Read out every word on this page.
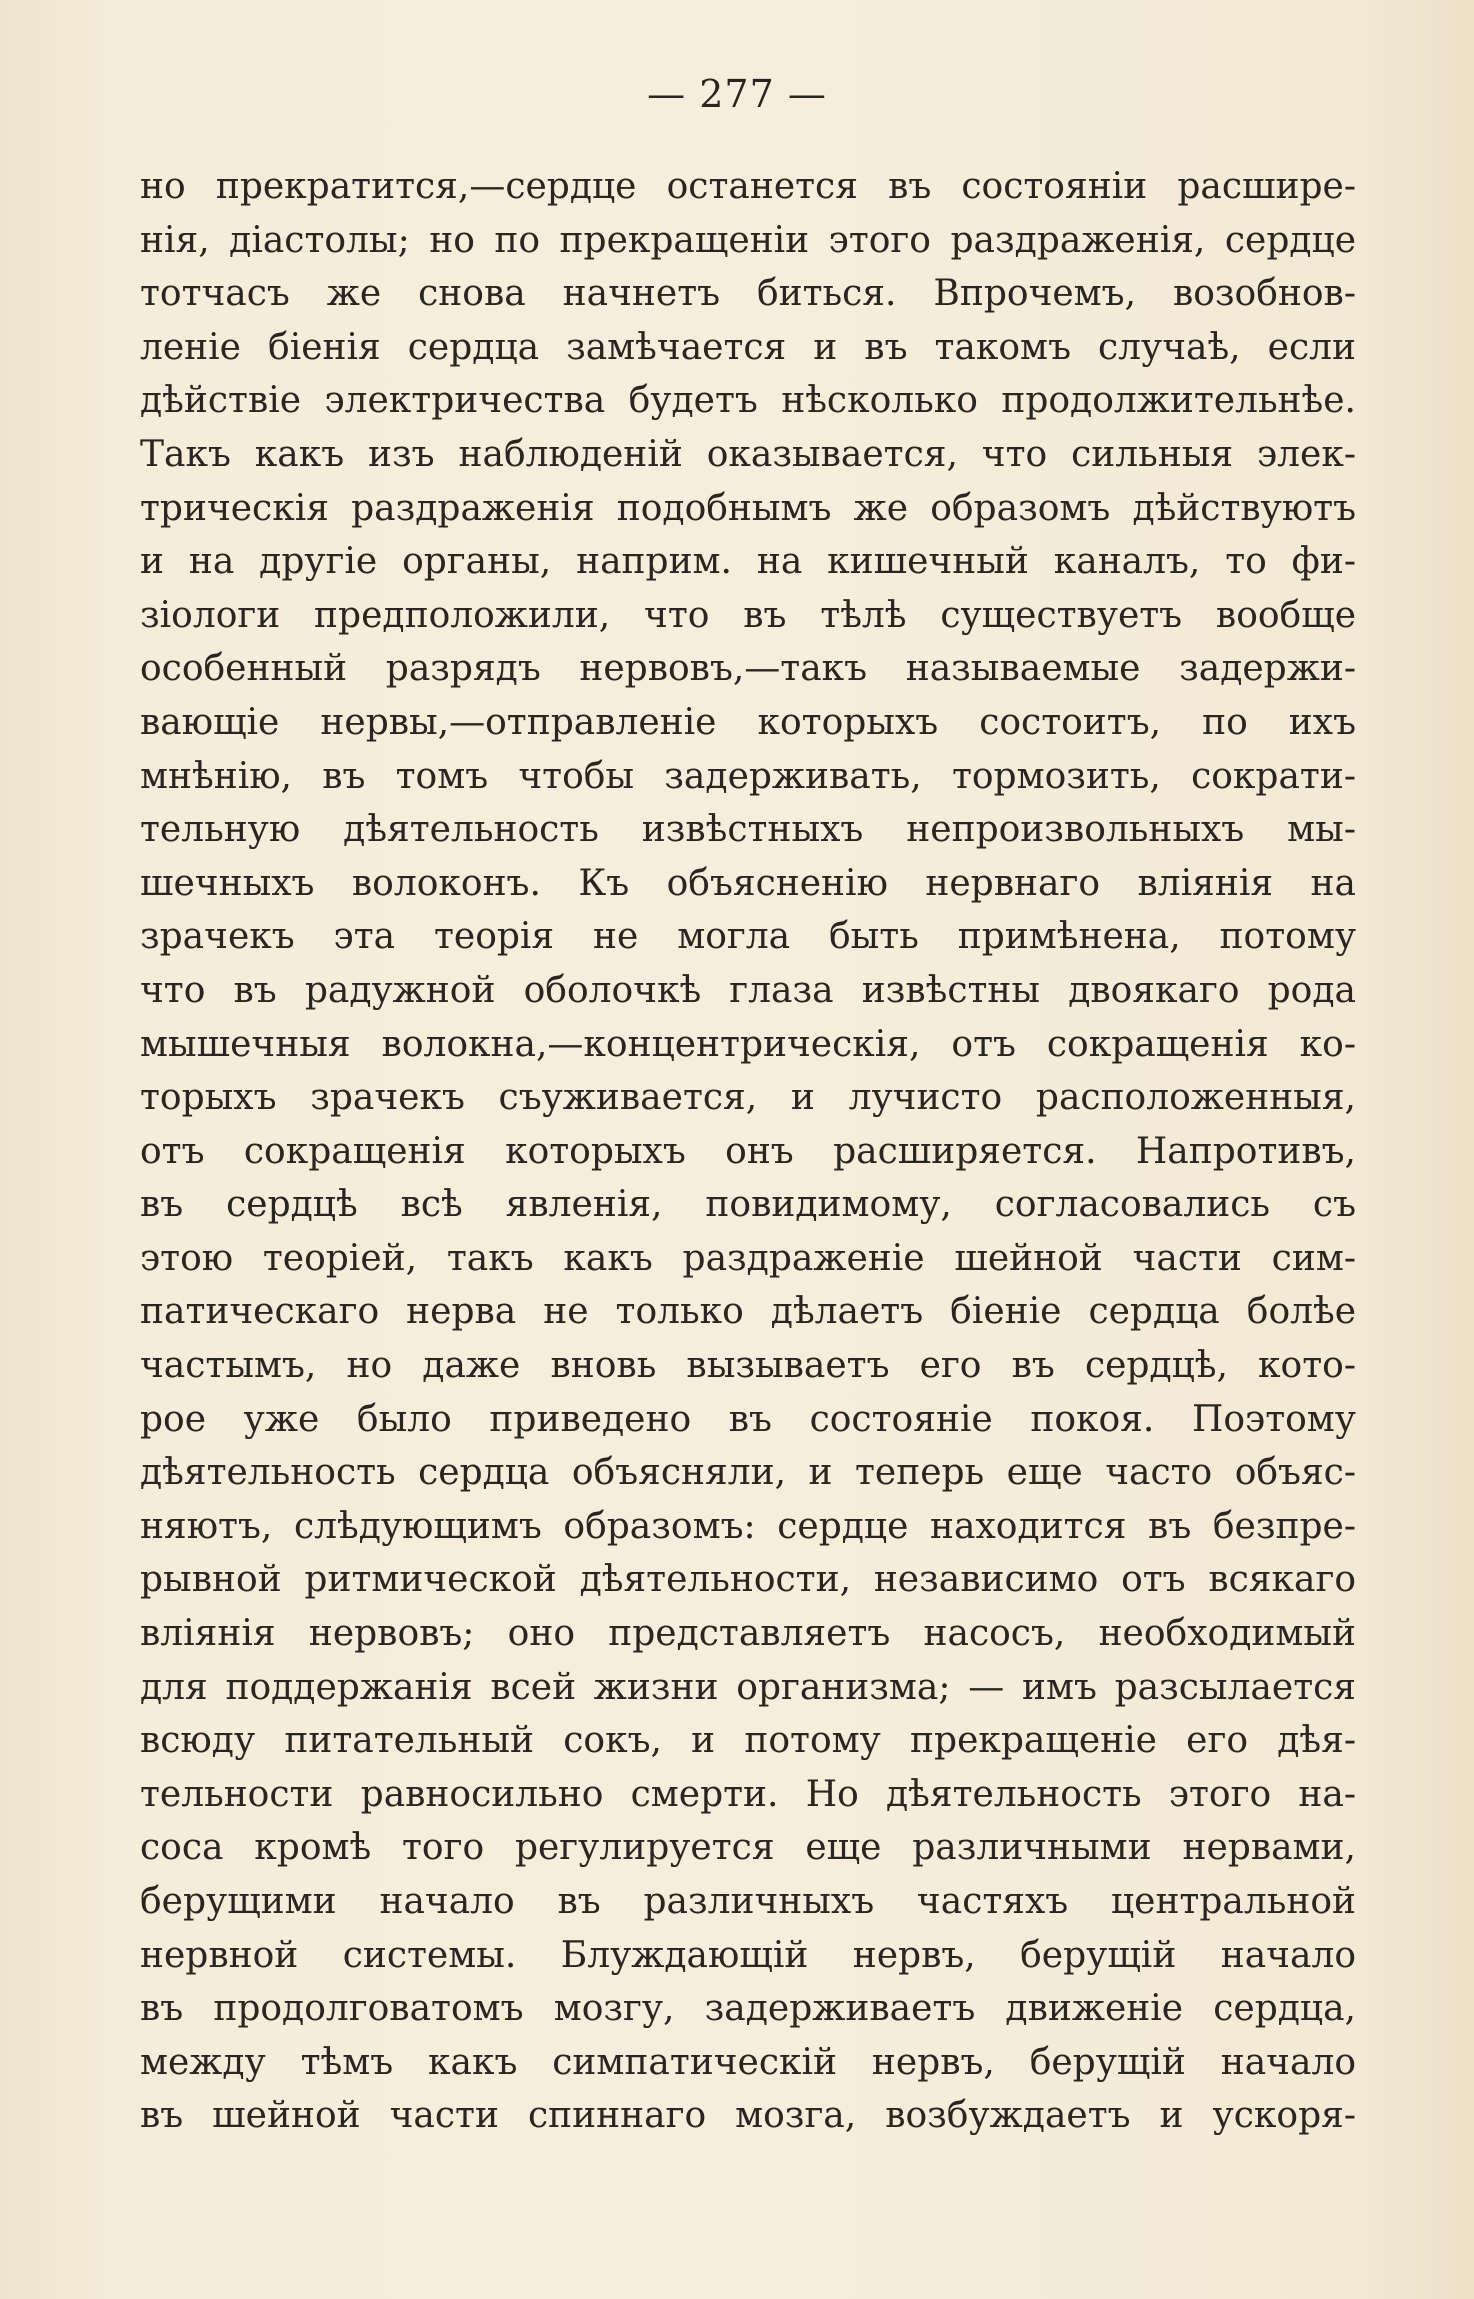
— 277 —
но прекратится,—сердце останется въ состояніи расшире-
нія, діастолы; но по прекращеніи этого раздраженія, сердце
тотчасъ же снова начнетъ биться. Впрочемъ, возобнов-
леніе біенія сердца замѣчается и въ такомъ случаѣ, если
дѣйствіе электричества будетъ нѣсколько продолжительнѣе.
Такъ какъ изъ наблюденій оказывается, что сильныя элек-
трическія раздраженія подобнымъ же образомъ дѣйствуютъ
и на другіе органы, наприм. на кишечный каналъ, то фи-
зіологи предположили, что въ тѣлѣ существуетъ вообще
особенный разрядъ нервовъ,—такъ называемые задержи-
вающіе нервы,—отправленіе которыхъ состоитъ, по ихъ
мнѣнію, въ томъ чтобы задерживать, тормозить, сократи-
тельную дѣятельность извѣстныхъ непроизвольныхъ мы-
шечныхъ волоконъ. Къ объясненію нервнаго вліянія на
зрачекъ эта теорія не могла быть примѣнена, потому
что въ радужной оболочкѣ глаза извѣстны двоякаго рода
мышечныя волокна,—концентрическія, отъ сокращенія ко-
торыхъ зрачекъ съуживается, и лучисто расположенныя,
отъ сокращенія которыхъ онъ расширяется. Напротивъ,
въ сердцѣ всѣ явленія, повидимому, согласовались съ
этою теоріей, такъ какъ раздраженіе шейной части сим-
патическаго нерва не только дѣлаетъ біеніе сердца болѣе
частымъ, но даже вновь вызываетъ его въ сердцѣ, кото-
рое уже было приведено въ состояніе покоя. Поэтому
дѣятельность сердца объясняли, и теперь еще часто объяс-
няютъ, слѣдующимъ образомъ: сердце находится въ безпре-
рывной ритмической дѣятельности, независимо отъ всякаго
вліянія нервовъ; оно представляетъ насосъ, необходимый
для поддержанія всей жизни организма; — имъ разсылается
всюду питательный сокъ, и потому прекращеніе его дѣя-
тельности равносильно смерти. Но дѣятельность этого на-
соса кромѣ того регулируется еще различными нервами,
берущими начало въ различныхъ частяхъ центральной
нервной системы. Блуждающій нервъ, берущій начало
въ продолговатомъ мозгу, задерживаетъ движеніе сердца,
между тѣмъ какъ симпатическій нервъ, берущій начало
въ шейной части спиннаго мозга, возбуждаетъ и ускоря-
